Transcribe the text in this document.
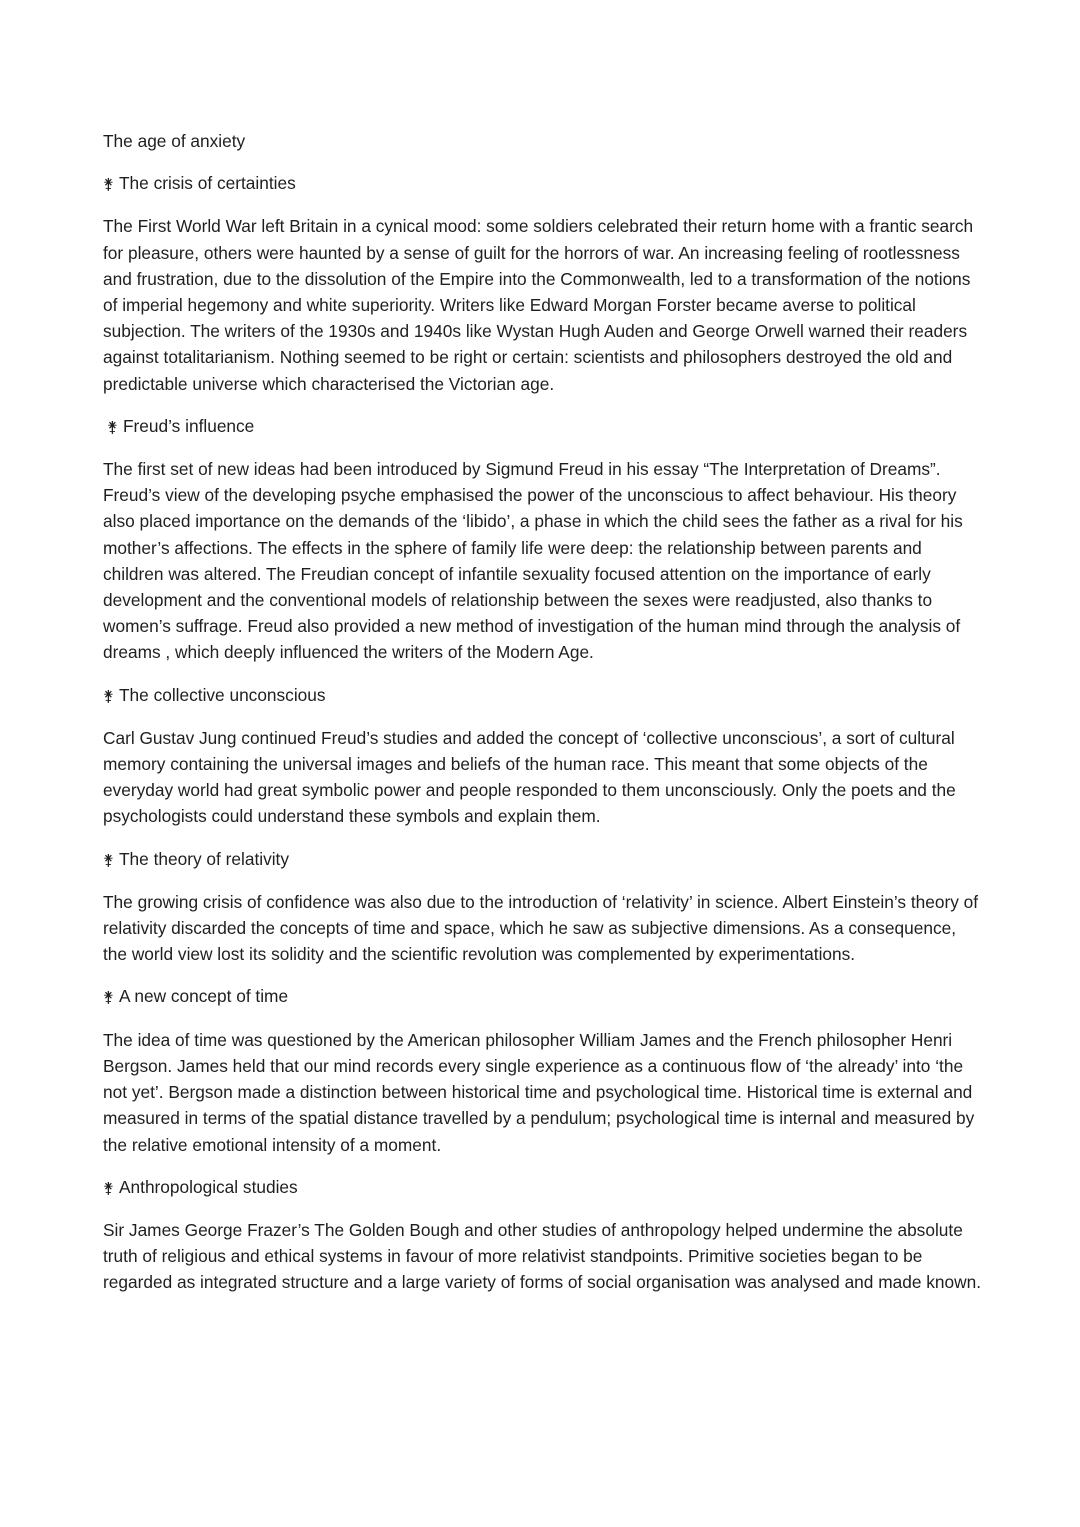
The age of anxiety
⚵ The crisis of certainties

The First World War left Britain in a cynical mood: some soldiers celebrated their return home with a frantic search for pleasure, others were haunted by a sense of guilt for the horrors of war. An increasing feeling of rootlessness and frustration, due to the dissolution of the Empire into the Commonwealth, led to a transformation of the notions of imperial hegemony and white superiority. Writers like Edward Morgan Forster became averse to political subjection. The writers of the 1930s and 1940s like Wystan Hugh Auden and George Orwell warned their readers against totalitarianism. Nothing seemed to be right or certain: scientists and philosophers destroyed the old and predictable universe which characterised the Victorian age.

⚵ Freud’s influence

The first set of new ideas had been introduced by Sigmund Freud in his essay “The Interpretation of Dreams”. Freud’s view of the developing psyche emphasised the power of the unconscious to affect behaviour. His theory also placed importance on the demands of the ‘libido’, a phase in which the child sees the father as a rival for his mother’s affections. The effects in the sphere of family life were deep: the relationship between parents and children was altered. The Freudian concept of infantile sexuality focused attention on the importance of early development and the conventional models of relationship between the sexes were readjusted, also thanks to women’s suffrage. Freud also provided a new method of investigation of the human mind through the analysis of dreams , which deeply influenced the writers of the Modern Age.

⚵ The collective unconscious

Carl Gustav Jung continued Freud’s studies and added the concept of ‘collective unconscious’, a sort of cultural memory containing the universal images and beliefs of the human race. This meant that some objects of the everyday world had great symbolic power and people responded to them unconsciously. Only the poets and the psychologists could understand these symbols and explain them.

⚵ The theory of relativity

The growing crisis of confidence was also due to the introduction of ‘relativity’ in science. Albert Einstein’s theory of relativity discarded the concepts of time and space, which he saw as subjective dimensions. As a consequence, the world view lost its solidity and the scientific revolution was complemented by experimentations.

⚵ A new concept of time

The idea of time was questioned by the American philosopher William James and the French philosopher Henri Bergson. James held that our mind records every single experience as a continuous flow of ‘the already’ into ‘the not yet’. Bergson made a distinction between historical time and psychological time. Historical time is external and measured in terms of the spatial distance travelled by a pendulum; psychological time is internal and measured by the relative emotional intensity of a moment.

⚵ Anthropological studies

Sir James George Frazer’s The Golden Bough and other studies of anthropology helped undermine the absolute truth of religious and ethical systems in favour of more relativist standpoints. Primitive societies began to be regarded as integrated structure and a large variety of forms of social organisation was analysed and made known.
